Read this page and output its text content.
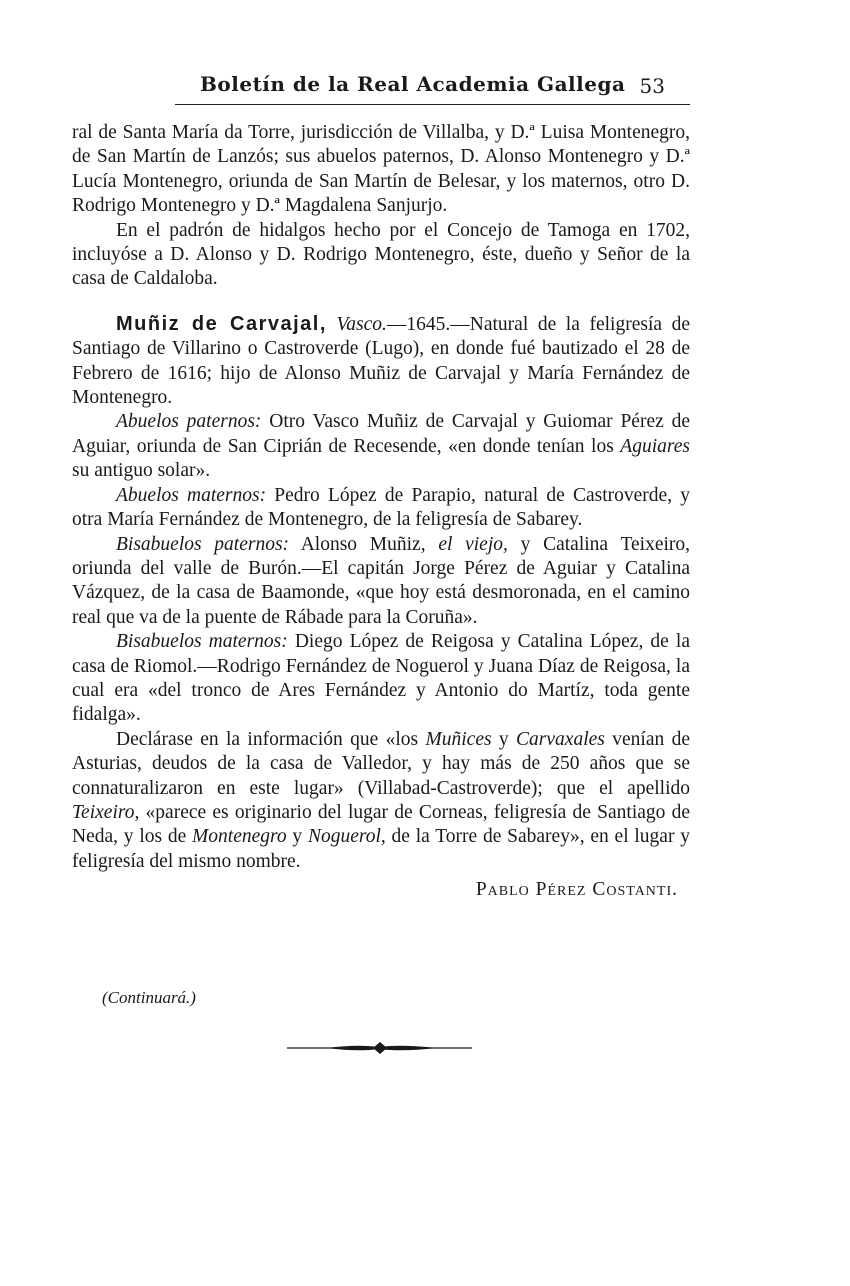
Boletín de la Real Academia Gallega 53

ral de Santa María da Torre, jurisdicción de Villalba, y D.ª Luisa Montenegro, de San Martín de Lanzós; sus abuelos paternos, D. Alonso Montenegro y D.ª Lucía Montenegro, oriunda de San Martín de Belesar, y los maternos, otro D. Rodrigo Montenegro y D.ª Magdalena Sanjurjo.

En el padrón de hidalgos hecho por el Concejo de Tamoga en 1702, incluyóse a D. Alonso y D. Rodrigo Montenegro, éste, dueño y Señor de la casa de Caldaloba.

Muñiz de Carvajal, Vasco.—1645.—Natural de la feligresía de Santiago de Villarino o Castroverde (Lugo), en donde fué bautizado el 28 de Febrero de 1616; hijo de Alonso Muñiz de Carvajal y María Fernández de Montenegro.

Abuelos paternos: Otro Vasco Muñiz de Carvajal y Guiomar Pérez de Aguiar, oriunda de San Ciprián de Recesende, «en donde tenían los Aguiares su antiguo solar».

Abuelos maternos: Pedro López de Parapio, natural de Castroverde, y otra María Fernández de Montenegro, de la feligresía de Sabarey.

Bisabuelos paternos: Alonso Muñiz, el viejo, y Catalina Teixeiro, oriunda del valle de Burón.—El capitán Jorge Pérez de Aguiar y Catalina Vázquez, de la casa de Baamonde, «que hoy está desmoronada, en el camino real que va de la puente de Rábade para la Coruña».

Bisabuelos maternos: Diego López de Reigosa y Catalina López, de la casa de Riomol.—Rodrigo Fernández de Noguerol y Juana Díaz de Reigosa, la cual era «del tronco de Ares Fernández y Antonio do Martíz, toda gente fidalga».

Declárase en la información que «los Muñices y Carvaxales venían de Asturias, deudos de la casa de Valledor, y hay más de 250 años que se connaturalizaron en este lugar» (Villabad-Castroverde); que el apellido Teixeiro, «parece es originario del lugar de Corneas, feligresía de Santiago de Neda, y los de Montenegro y Noguerol, de la Torre de Sabarey», en el lugar y feligresía del mismo nombre.

Pablo Pérez Costanti.

(Continuará.)
